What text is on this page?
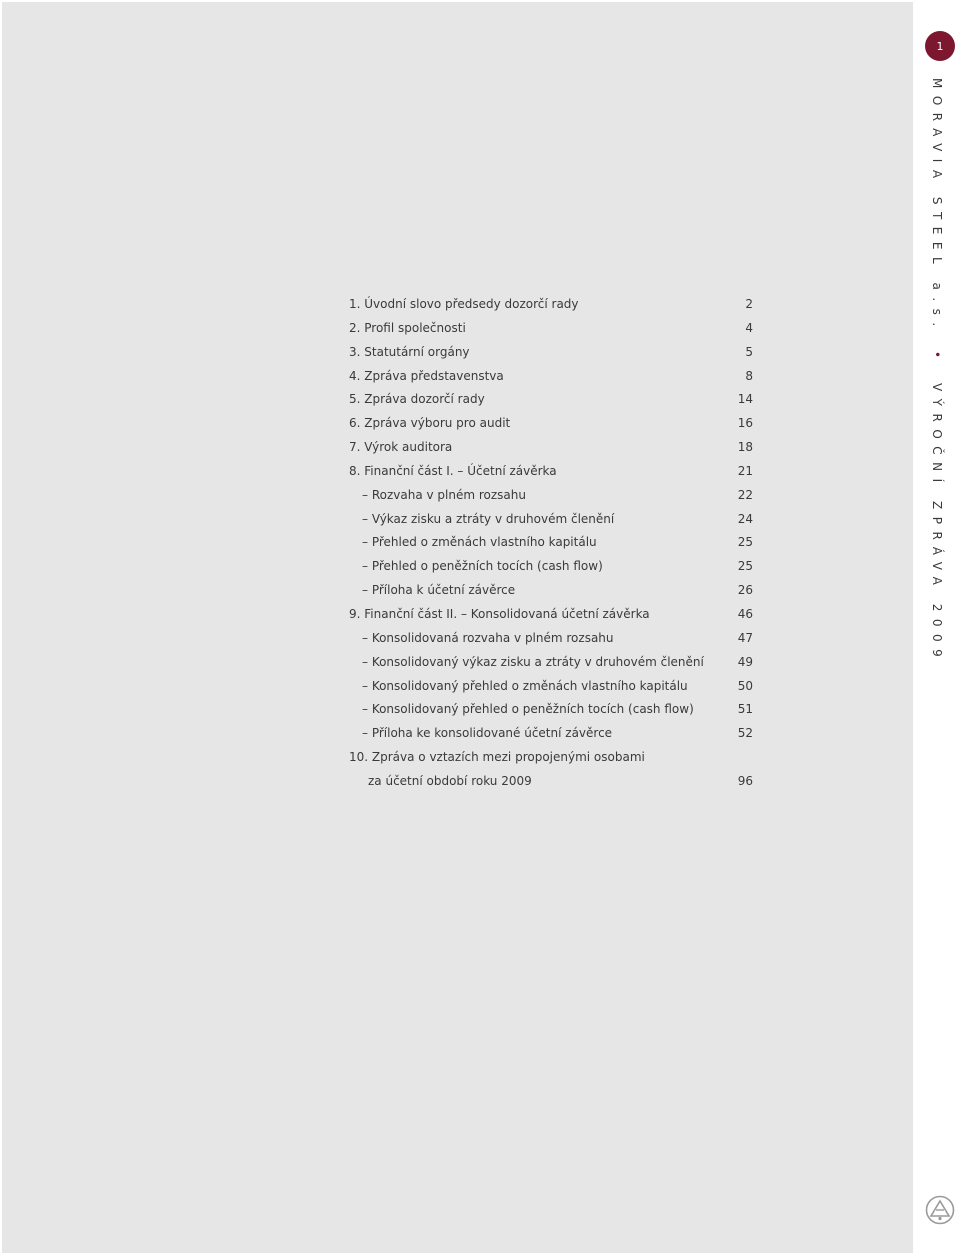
1
MORAVIA STEEL a.s. • VÝROČNÍ ZPRÁVA 2009
1. Úvodní slovo předsedy dozorčí rady	2
2. Profil společnosti	4
3. Statutární orgány	5
4. Zpráva představenstva	8
5. Zpráva dozorčí rady	14
6. Zpráva výboru pro audit	16
7. Výrok auditora	18
8. Finanční část I. – Účetní závěrka	21
– Rozvaha v plném rozsahu	22
– Výkaz zisku a ztráty v druhovém členění	24
– Přehled o změnách vlastního kapitálu	25
– Přehled o peněžních tocích (cash flow)	25
– Příloha k účetní závěrce	26
9. Finanční část II. – Konsolidovaná účetní závěrka	46
– Konsolidovaná rozvaha v plném rozsahu	47
– Konsolidovaný výkaz zisku a ztráty v druhovém členění	49
– Konsolidovaný přehled o změnách vlastního kapitálu	50
– Konsolidovaný přehled o peněžních tocích (cash flow)	51
– Příloha ke konsolidované účetní závěrce	52
10. Zpráva o vztazích mezi propojenými osobami
za účetní období roku 2009	96
